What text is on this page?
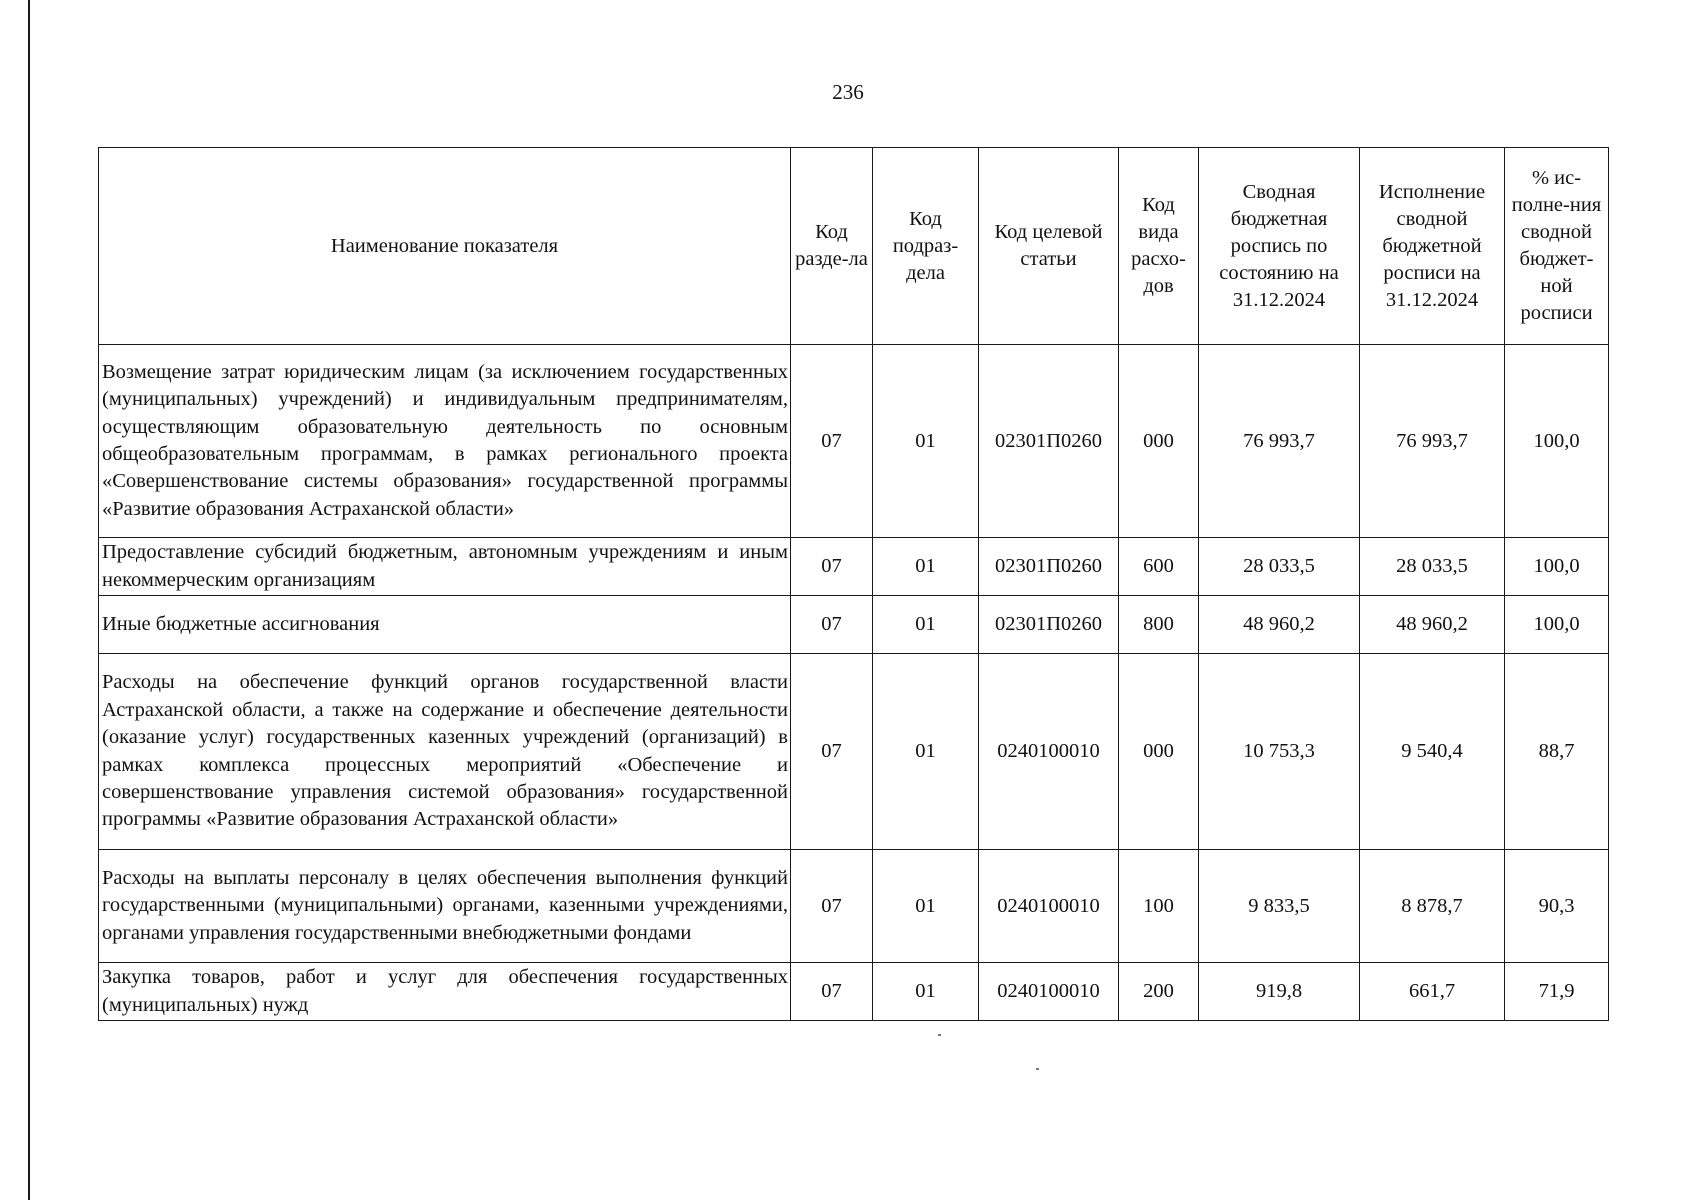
236
Наименование показателя	Код разде-ла	Код подраз-дела	Код целевой статьи	Код вида расхо-дов	Сводная бюджетная роспись по состоянию на 31.12.2024	Исполнение сводной бюджетной росписи на 31.12.2024	% ис-полне-ния сводной бюджет-ной росписи
Возмещение затрат юридическим лицам (за исключением государственных (муниципальных) учреждений) и индивидуальным предпринимателям, осуществляющим образовательную деятельность по основным общеобразовательным программам, в рамках регионального проекта «Совершенствование системы образования» государственной программы «Развитие образования Астраханской области»	07	01	02301П0260	000	76 993,7	76 993,7	100,0
Предоставление субсидий бюджетным, автономным учреждениям и иным некоммерческим организациям	07	01	02301П0260	600	28 033,5	28 033,5	100,0
Иные бюджетные ассигнования	07	01	02301П0260	800	48 960,2	48 960,2	100,0
Расходы на обеспечение функций органов государственной власти Астраханской области, а также на содержание и обеспечение деятельности (оказание услуг) государственных казенных учреждений (организаций) в рамках комплекса процессных мероприятий «Обеспечение и совершенствование управления системой образования» государственной программы «Развитие образования Астраханской области»	07	01	0240100010	000	10 753,3	9 540,4	88,7
Расходы на выплаты персоналу в целях обеспечения выполнения функций государственными (муниципальными) органами, казенными учреждениями, органами управления государственными внебюджетными фондами	07	01	0240100010	100	9 833,5	8 878,7	90,3
Закупка товаров, работ и услуг для обеспечения государственных (муниципальных) нужд	07	01	0240100010	200	919,8	661,7	71,9
